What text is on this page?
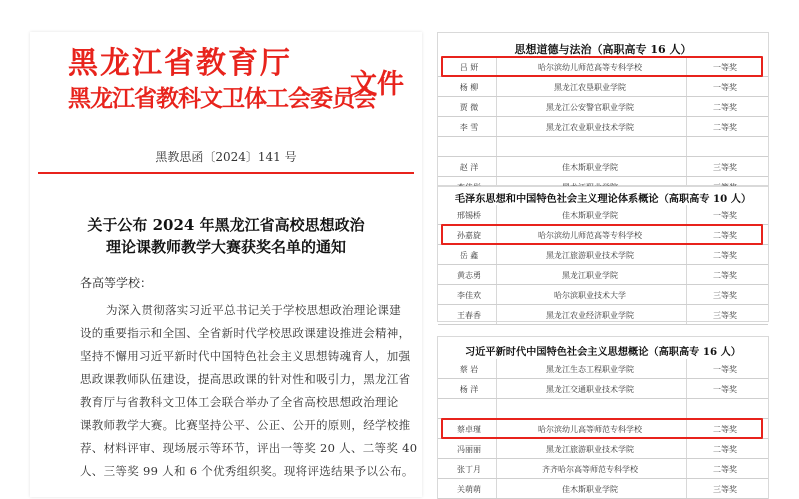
黑龙江省教育厅
黑龙江省教科文卫体工会委员会
文件
黑教思函〔2024〕141 号
关于公布 2024 年黑龙江省高校思想政治
理论课教师教学大赛获奖名单的通知
各高等学校：
为深入贯彻落实习近平总书记关于学校思想政治理论课建
设的重要指示和全国、全省新时代学校思政课建设推进会精神，
坚持不懈用习近平新时代中国特色社会主义思想铸魂育人，加强
思政课教师队伍建设，提高思政课的针对性和吸引力，黑龙江省
教育厅与省教科文卫体工会联合举办了全省高校思想政治理论
课教师教学大赛。比赛坚持公平、公正、公开的原则，经学校推
荐、材料评审、现场展示等环节，评出一等奖 20 人、二等奖 40
人、三等奖 99 人和 6 个优秀组织奖。现将评选结果予以公布。
思想道德与法治（高职高专 16 人）
吕 妍	哈尔滨幼儿师范高等专科学校	一等奖
杨 柳	黑龙江农垦职业学院	一等奖
贾 微	黑龙江公安警官职业学院	二等奖
李 雪	黑龙江农业职业技术学院	二等奖
赵 洋	佳木斯职业学院	三等奖
毛泽东思想和中国特色社会主义理论体系概论（高职高专 10 人）
邢锡桥	佳木斯职业学院	一等奖
孙嘉旋	哈尔滨幼儿师范高等专科学校	二等奖
岳 鑫	黑龙江旅游职业技术学院	二等奖
黄志勇	黑龙江职业学院	二等奖
李佳欢	哈尔滨职业技术大学	三等奖
王春香	黑龙江农业经济职业学院	三等奖
习近平新时代中国特色社会主义思想概论（高职高专 16 人）
蔡 岩	黑龙江生态工程职业学院	一等奖
杨 洋	黑龙江交通职业技术学院	一等奖
蔡卓瑾	哈尔滨幼儿高等师范专科学校	二等奖
冯丽丽	黑龙江旅游职业技术学院	二等奖
张丁月	齐齐哈尔高等师范专科学校	二等奖
关萌萌	佳木斯职业学院	三等奖
